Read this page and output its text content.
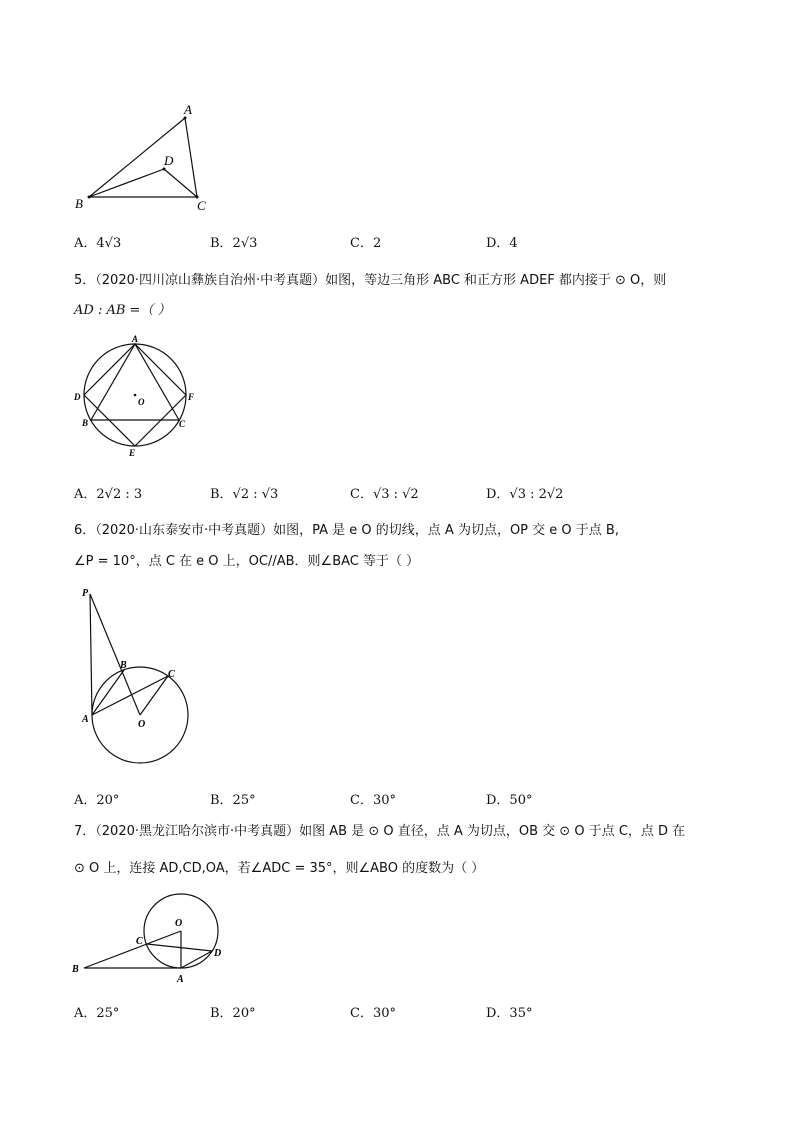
A
D
B	C
A．4√3	B．2√3	C．2	D．4
5．（2020·四川凉山彝族自治州·中考真题）如图，等边三角形 ABC 和正方形 ADEF 都内接于 ⊙ O，则
AD : AB =（ ）
A
D	F
B	C
E
O
A．2√2 : 3	B．√2 : √3	C．√3 : √2	D．√3 : 2√2
6．（2020·山东泰安市·中考真题）如图，PA 是 e O 的切线，点 A 为切点，OP 交 e O 于点 B,
∠P = 10°，点 C 在 e O 上，OC//AB．则∠BAC 等于（ ）
P
B
C
A	O
A．20°	B．25°	C．30°	D．50°
7．（2020·黑龙江哈尔滨市·中考真题）如图 AB 是 ⊙ O 直径，点 A 为切点，OB 交 ⊙ O 于点 C，点 D 在
⊙ O 上，连接 AD,CD,OA，若∠ADC = 35°，则∠ABO 的度数为（ ）
O
C
B
A
D
A．25°	B．20°	C．30°	D．35°
